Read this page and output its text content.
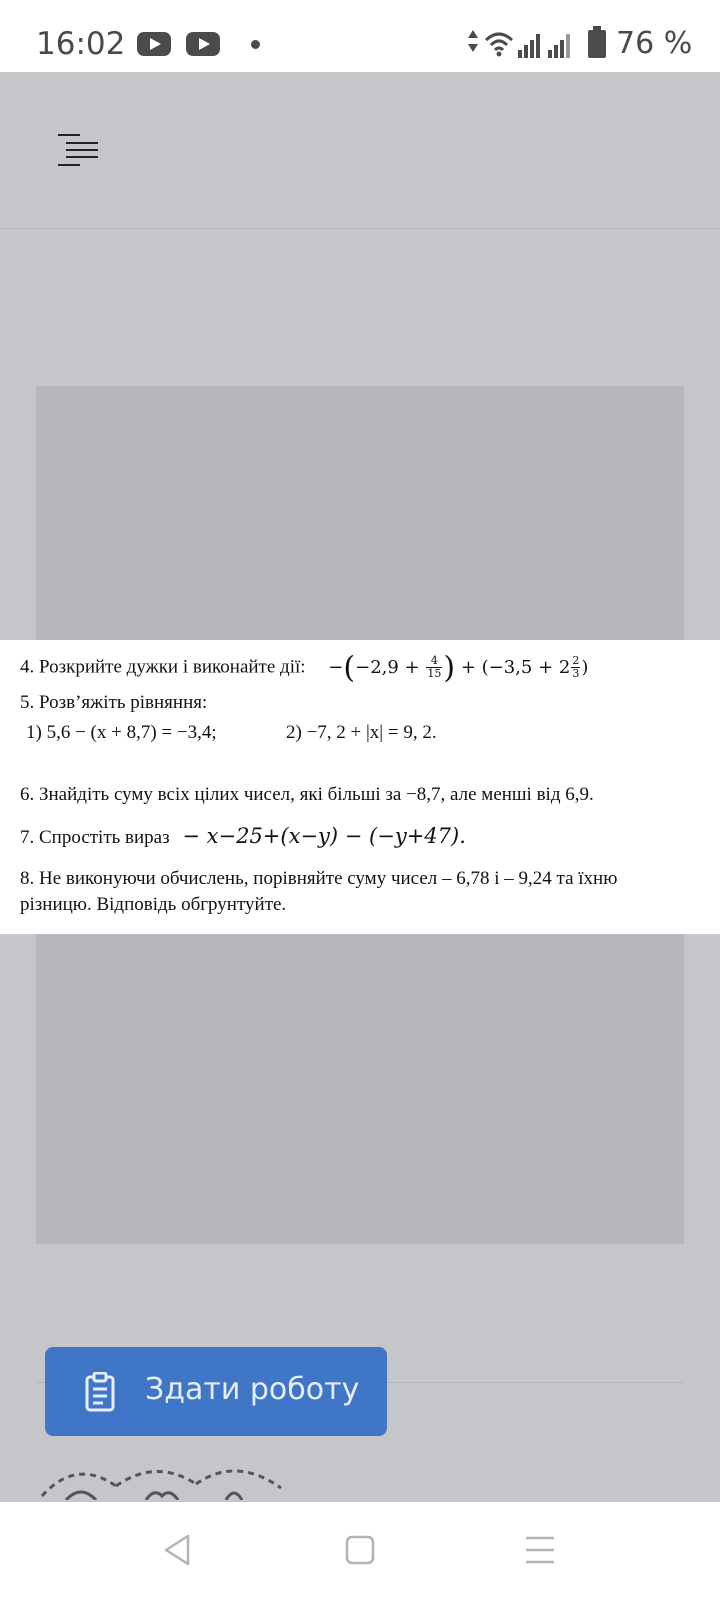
16:02	76 %
4. Розкрийте дужки і виконайте дії: $-(-2,9 + \frac{4}{15}$ ) + ($-3,5 + 2 \frac{2}{3}$ )
5. Розв’яжіть рівняння:
1) 5,6 − (x + 8,7) = −3,4;	2) −7, 2 + |x| = 9, 2.
6. Знайдіть суму всіх цілих чисел, які більші за −8,7, але менші від 6,9.
7. Спростіть вираз − x−25+(x−y) − (−y+47).
8. Не виконуючи обчислень, порівняйте суму чисел – 6,78 і – 9,24 та їхню
різницю. Відповідь обгрунтуйте.
Здати роботу
